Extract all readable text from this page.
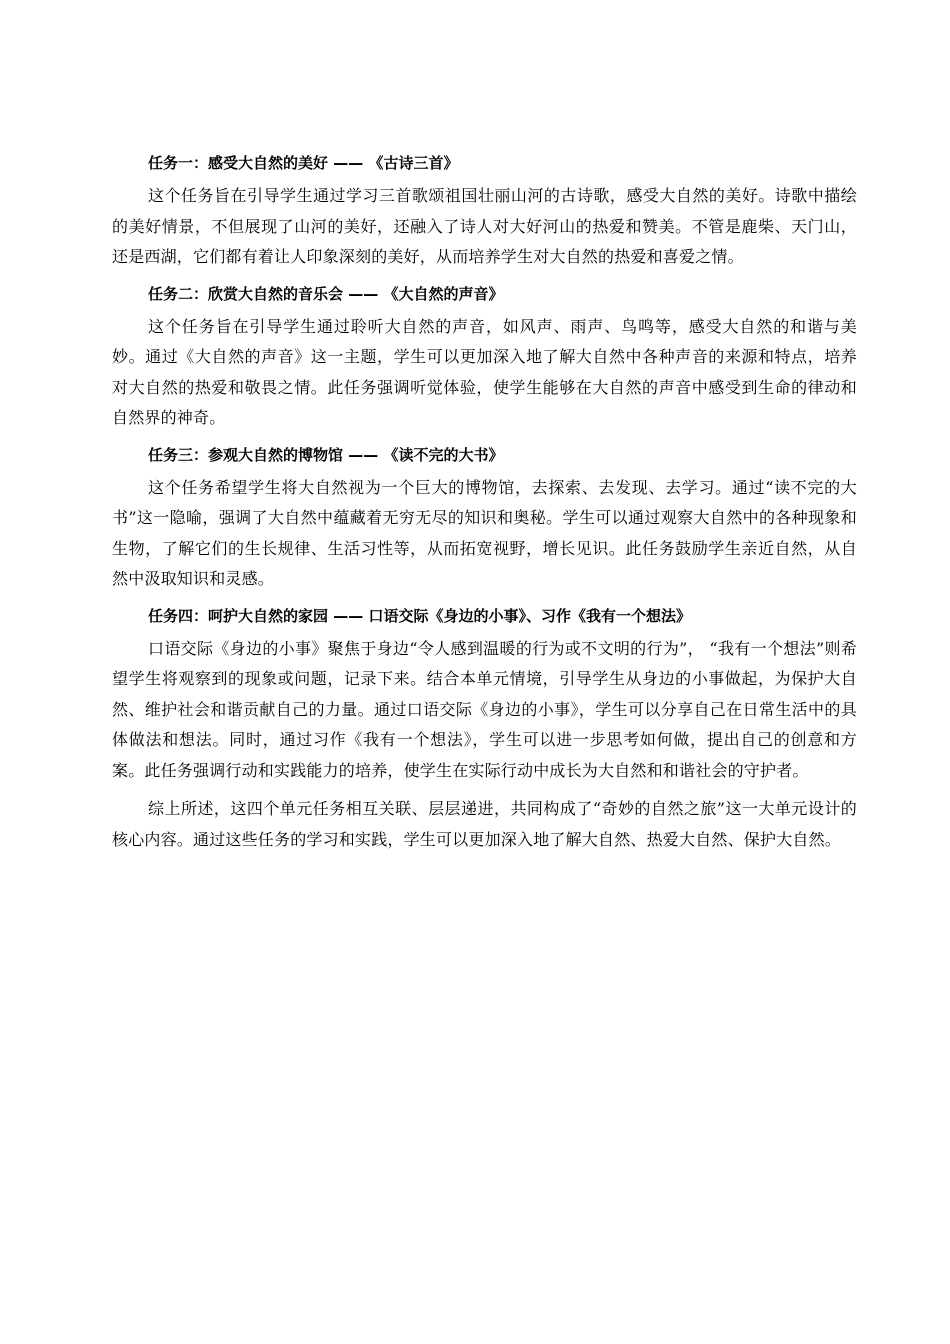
任务一：感受大自然的美好 —— 《古诗三首》

这个任务旨在引导学生通过学习三首歌颂祖国壮丽山河的古诗歌，感受大自然的美好。诗歌中描绘的美好情景，不但展现了山河的美好，还融入了诗人对大好河山的热爱和赞美。不管是鹿柴、天门山，还是西湖，它们都有着让人印象深刻的美好，从而培养学生对大自然的热爱和喜爱之情。

任务二：欣赏大自然的音乐会 —— 《大自然的声音》

这个任务旨在引导学生通过聆听大自然的声音，如风声、雨声、鸟鸣等，感受大自然的和谐与美妙。通过《大自然的声音》这一主题，学生可以更加深入地了解大自然中各种声音的来源和特点，培养对大自然的热爱和敬畏之情。此任务强调听觉体验，使学生能够在大自然的声音中感受到生命的律动和自然界的神奇。

任务三：参观大自然的博物馆 —— 《读不完的大书》

这个任务希望学生将大自然视为一个巨大的博物馆，去探索、去发现、去学习。通过“读不完的大书”这一隐喻，强调了大自然中蕴藏着无穷无尽的知识和奥秘。学生可以通过观察大自然中的各种现象和生物，了解它们的生长规律、生活习性等，从而拓宽视野，增长见识。此任务鼓励学生亲近自然，从自然中汲取知识和灵感。

任务四：呵护大自然的家园 —— 口语交际《身边的小事》、习作《我有一个想法》

口语交际《身边的小事》聚焦于身边“令人感到温暖的行为或不文明的行为”， “我有一个想法”则希望学生将观察到的现象或问题，记录下来。结合本单元情境，引导学生从身边的小事做起，为保护大自然、维护社会和谐贡献自己的力量。通过口语交际《身边的小事》，学生可以分享自己在日常生活中的具体做法和想法。同时，通过习作《我有一个想法》，学生可以进一步思考如何做，提出自己的创意和方案。此任务强调行动和实践能力的培养，使学生在实际行动中成长为大自然和和谐社会的守护者。

综上所述，这四个单元任务相互关联、层层递进，共同构成了“奇妙的自然之旅”这一大单元设计的核心内容。通过这些任务的学习和实践，学生可以更加深入地了解大自然、热爱大自然、保护大自然。
